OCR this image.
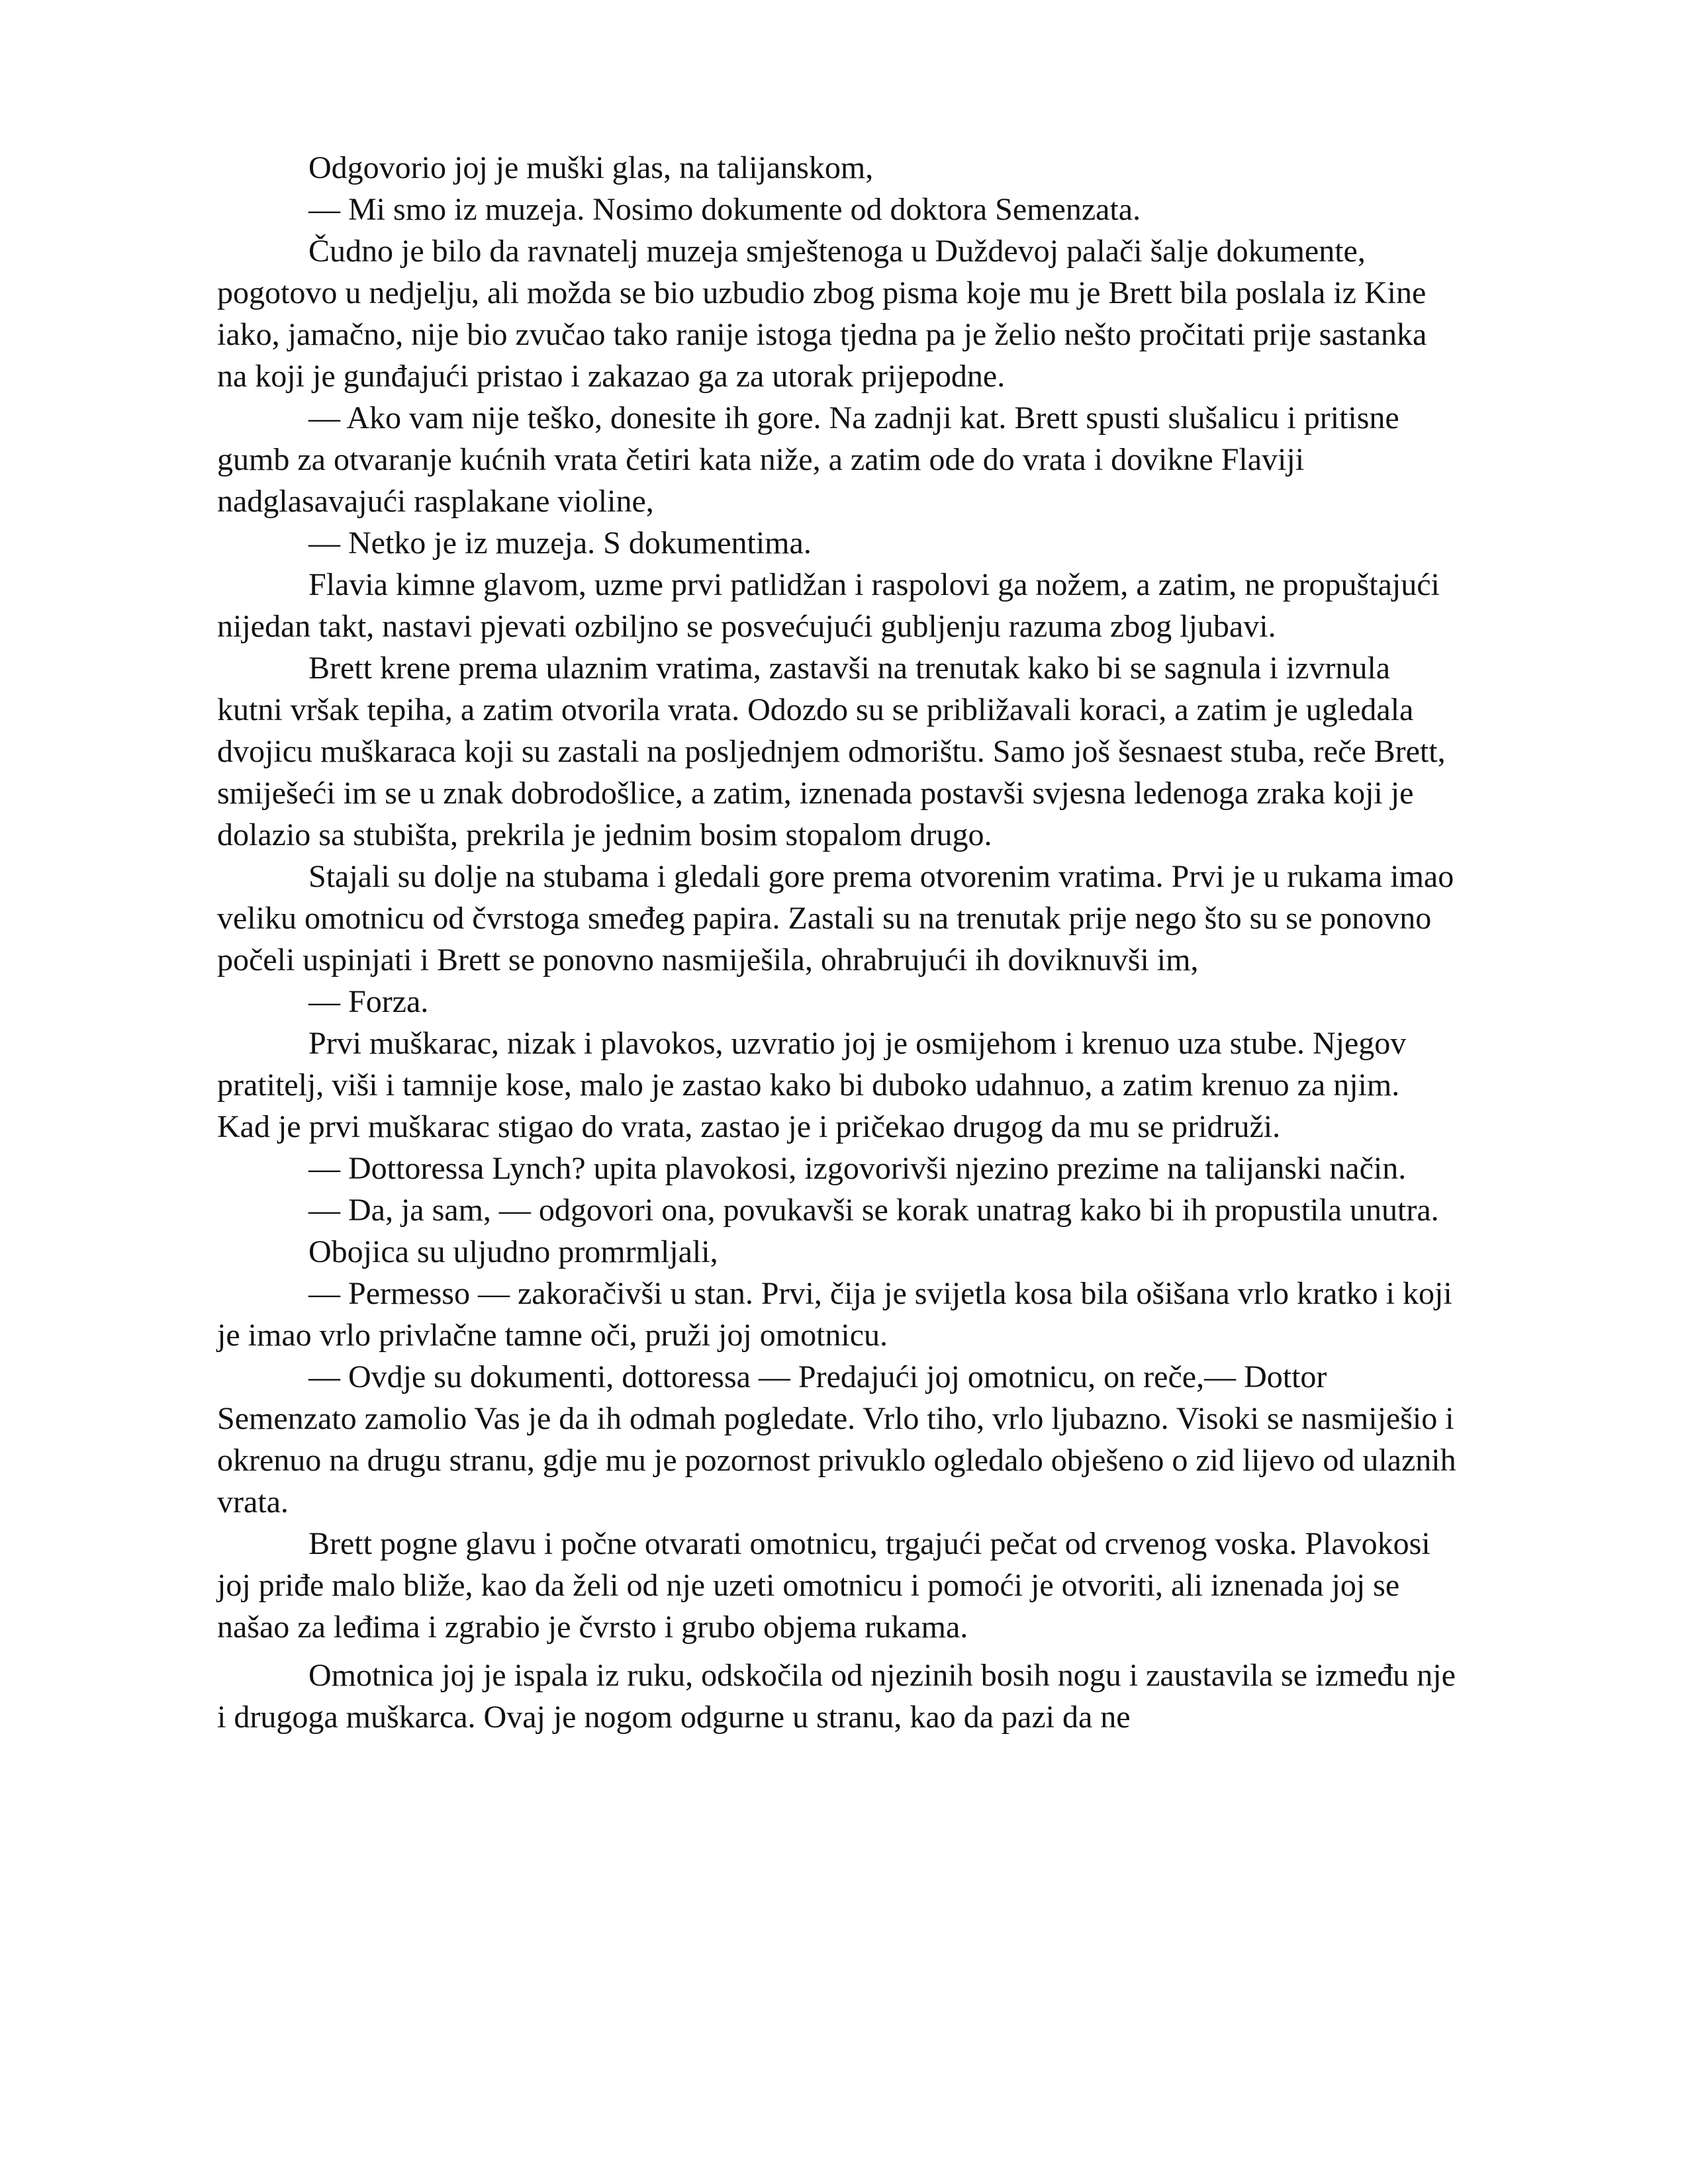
Odgovorio joj je muški glas, na talijanskom,

— Mi smo iz muzeja. Nosimo dokumente od doktora Semenzata.

Čudno je bilo da ravnatelj muzeja smještenoga u Duždevoj palači šalje dokumente, pogotovo u nedjelju, ali možda se bio uzbudio zbog pisma koje mu je Brett bila poslala iz Kine iako, jamačno, nije bio zvučao tako ranije istoga tjedna pa je želio nešto pročitati prije sastanka na koji je gunđajući pristao i zakazao ga za utorak prijepodne.

— Ako vam nije teško, donesite ih gore. Na zadnji kat. Brett spusti slušalicu i pritisne gumb za otvaranje kućnih vrata četiri kata niže, a zatim ode do vrata i dovikne Flaviji nadglasavajući rasplakane violine,

— Netko je iz muzeja. S dokumentima.

Flavia kimne glavom, uzme prvi patlidžan i raspolovi ga nožem, a zatim, ne propuštajući nijedan takt, nastavi pjevati ozbiljno se posvećujući gubljenju razuma zbog ljubavi.

Brett krene prema ulaznim vratima, zastavši na trenutak kako bi se sagnula i izvrnula kutni vršak tepiha, a zatim otvorila vrata. Odozdo su se približavali koraci, a zatim je ugledala dvojicu muškaraca koji su zastali na posljednjem odmorištu. Samo još šesnaest stuba, reče Brett, smiješeći im se u znak dobrodošlice, a zatim, iznenada postavši svjesna ledenoga zraka koji je dolazio sa stubišta, prekrila je jednim bosim stopalom drugo.

Stajali su dolje na stubama i gledali gore prema otvorenim vratima. Prvi je u rukama imao veliku omotnicu od čvrstoga smeđeg papira. Zastali su na trenutak prije nego što su se ponovno počeli uspinjati i Brett se ponovno nasmiješila, ohrabrujući ih doviknuvši im,

— Forza.

Prvi muškarac, nizak i plavokos, uzvratio joj je osmijehom i krenuo uza stube. Njegov pratitelj, viši i tamnije kose, malo je zastao kako bi duboko udahnuo, a zatim krenuo za njim. Kad je prvi muškarac stigao do vrata, zastao je i pričekao drugog da mu se pridruži.

— Dottoressa Lynch? upita plavokosi, izgovorivši njezino prezime na talijanski način.

— Da, ja sam, — odgovori ona, povukavši se korak unatrag kako bi ih propustila unutra.

Obojica su uljudno promrmljali,

— Permesso — zakoračivši u stan. Prvi, čija je svijetla kosa bila ošišana vrlo kratko i koji je imao vrlo privlačne tamne oči, pruži joj omotnicu.

— Ovdje su dokumenti, dottoressa — Predajući joj omotnicu, on reče,— Dottor Semenzato zamolio Vas je da ih odmah pogledate. Vrlo tiho, vrlo ljubazno. Visoki se nasmiješio i okrenuo na drugu stranu, gdje mu je pozornost privuklo ogledalo obješeno o zid lijevo od ulaznih vrata.

Brett pogne glavu i počne otvarati omotnicu, trgajući pečat od crvenog voska. Plavokosi joj priđe malo bliže, kao da želi od nje uzeti omotnicu i pomoći je otvoriti, ali iznenada joj se našao za leđima i zgrabio je čvrsto i grubo objema rukama.

Omotnica joj je ispala iz ruku, odskočila od njezinih bosih nogu i zaustavila se između nje i drugoga muškarca. Ovaj je nogom odgurne u stranu, kao da pazi da ne
